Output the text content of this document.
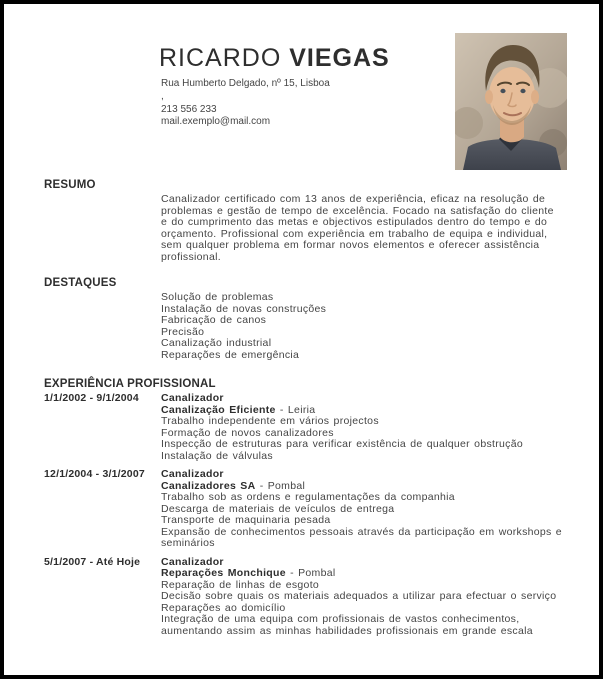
RICARDO VIEGAS
Rua Humberto Delgado, nº 15, Lisboa
,
213 556 233
mail.exemplo@mail.com
RESUMO
Canalizador certificado com 13 anos de experiência, eficaz na resolução de problemas e gestão de tempo de excelência. Focado na satisfação do cliente e do cumprimento das metas e objectivos estipulados dentro do tempo e do orçamento. Profissional com experiência em trabalho de equipa e individual, sem qualquer problema em formar novos elementos e oferecer assistência profissional.
DESTAQUES
Solução de problemas
Instalação de novas construções
Fabricação de canos
Precisão
Canalização industrial
Reparações de emergência
EXPERIÊNCIA PROFISSIONAL
1/1/2002 - 9/1/2004	Canalizador
Canalização Eficiente - Leiria
Trabalho independente em vários projectos
Formação de novos canalizadores
Inspecção de estruturas para verificar existência de qualquer obstrução
Instalação de válvulas
12/1/2004 - 3/1/2007	Canalizador
Canalizadores SA - Pombal
Trabalho sob as ordens e regulamentações da companhia
Descarga de materiais de veículos de entrega
Transporte de maquinaria pesada
Expansão de conhecimentos pessoais através da participação em workshops e seminários
5/1/2007 - Até Hoje	Canalizador
Reparações Monchique - Pombal
Reparação de linhas de esgoto
Decisão sobre quais os materiais adequados a utilizar para efectuar o serviço
Reparações ao domicílio
Integração de uma equipa com profissionais de vastos conhecimentos, aumentando assim as minhas habilidades profissionais em grande escala
